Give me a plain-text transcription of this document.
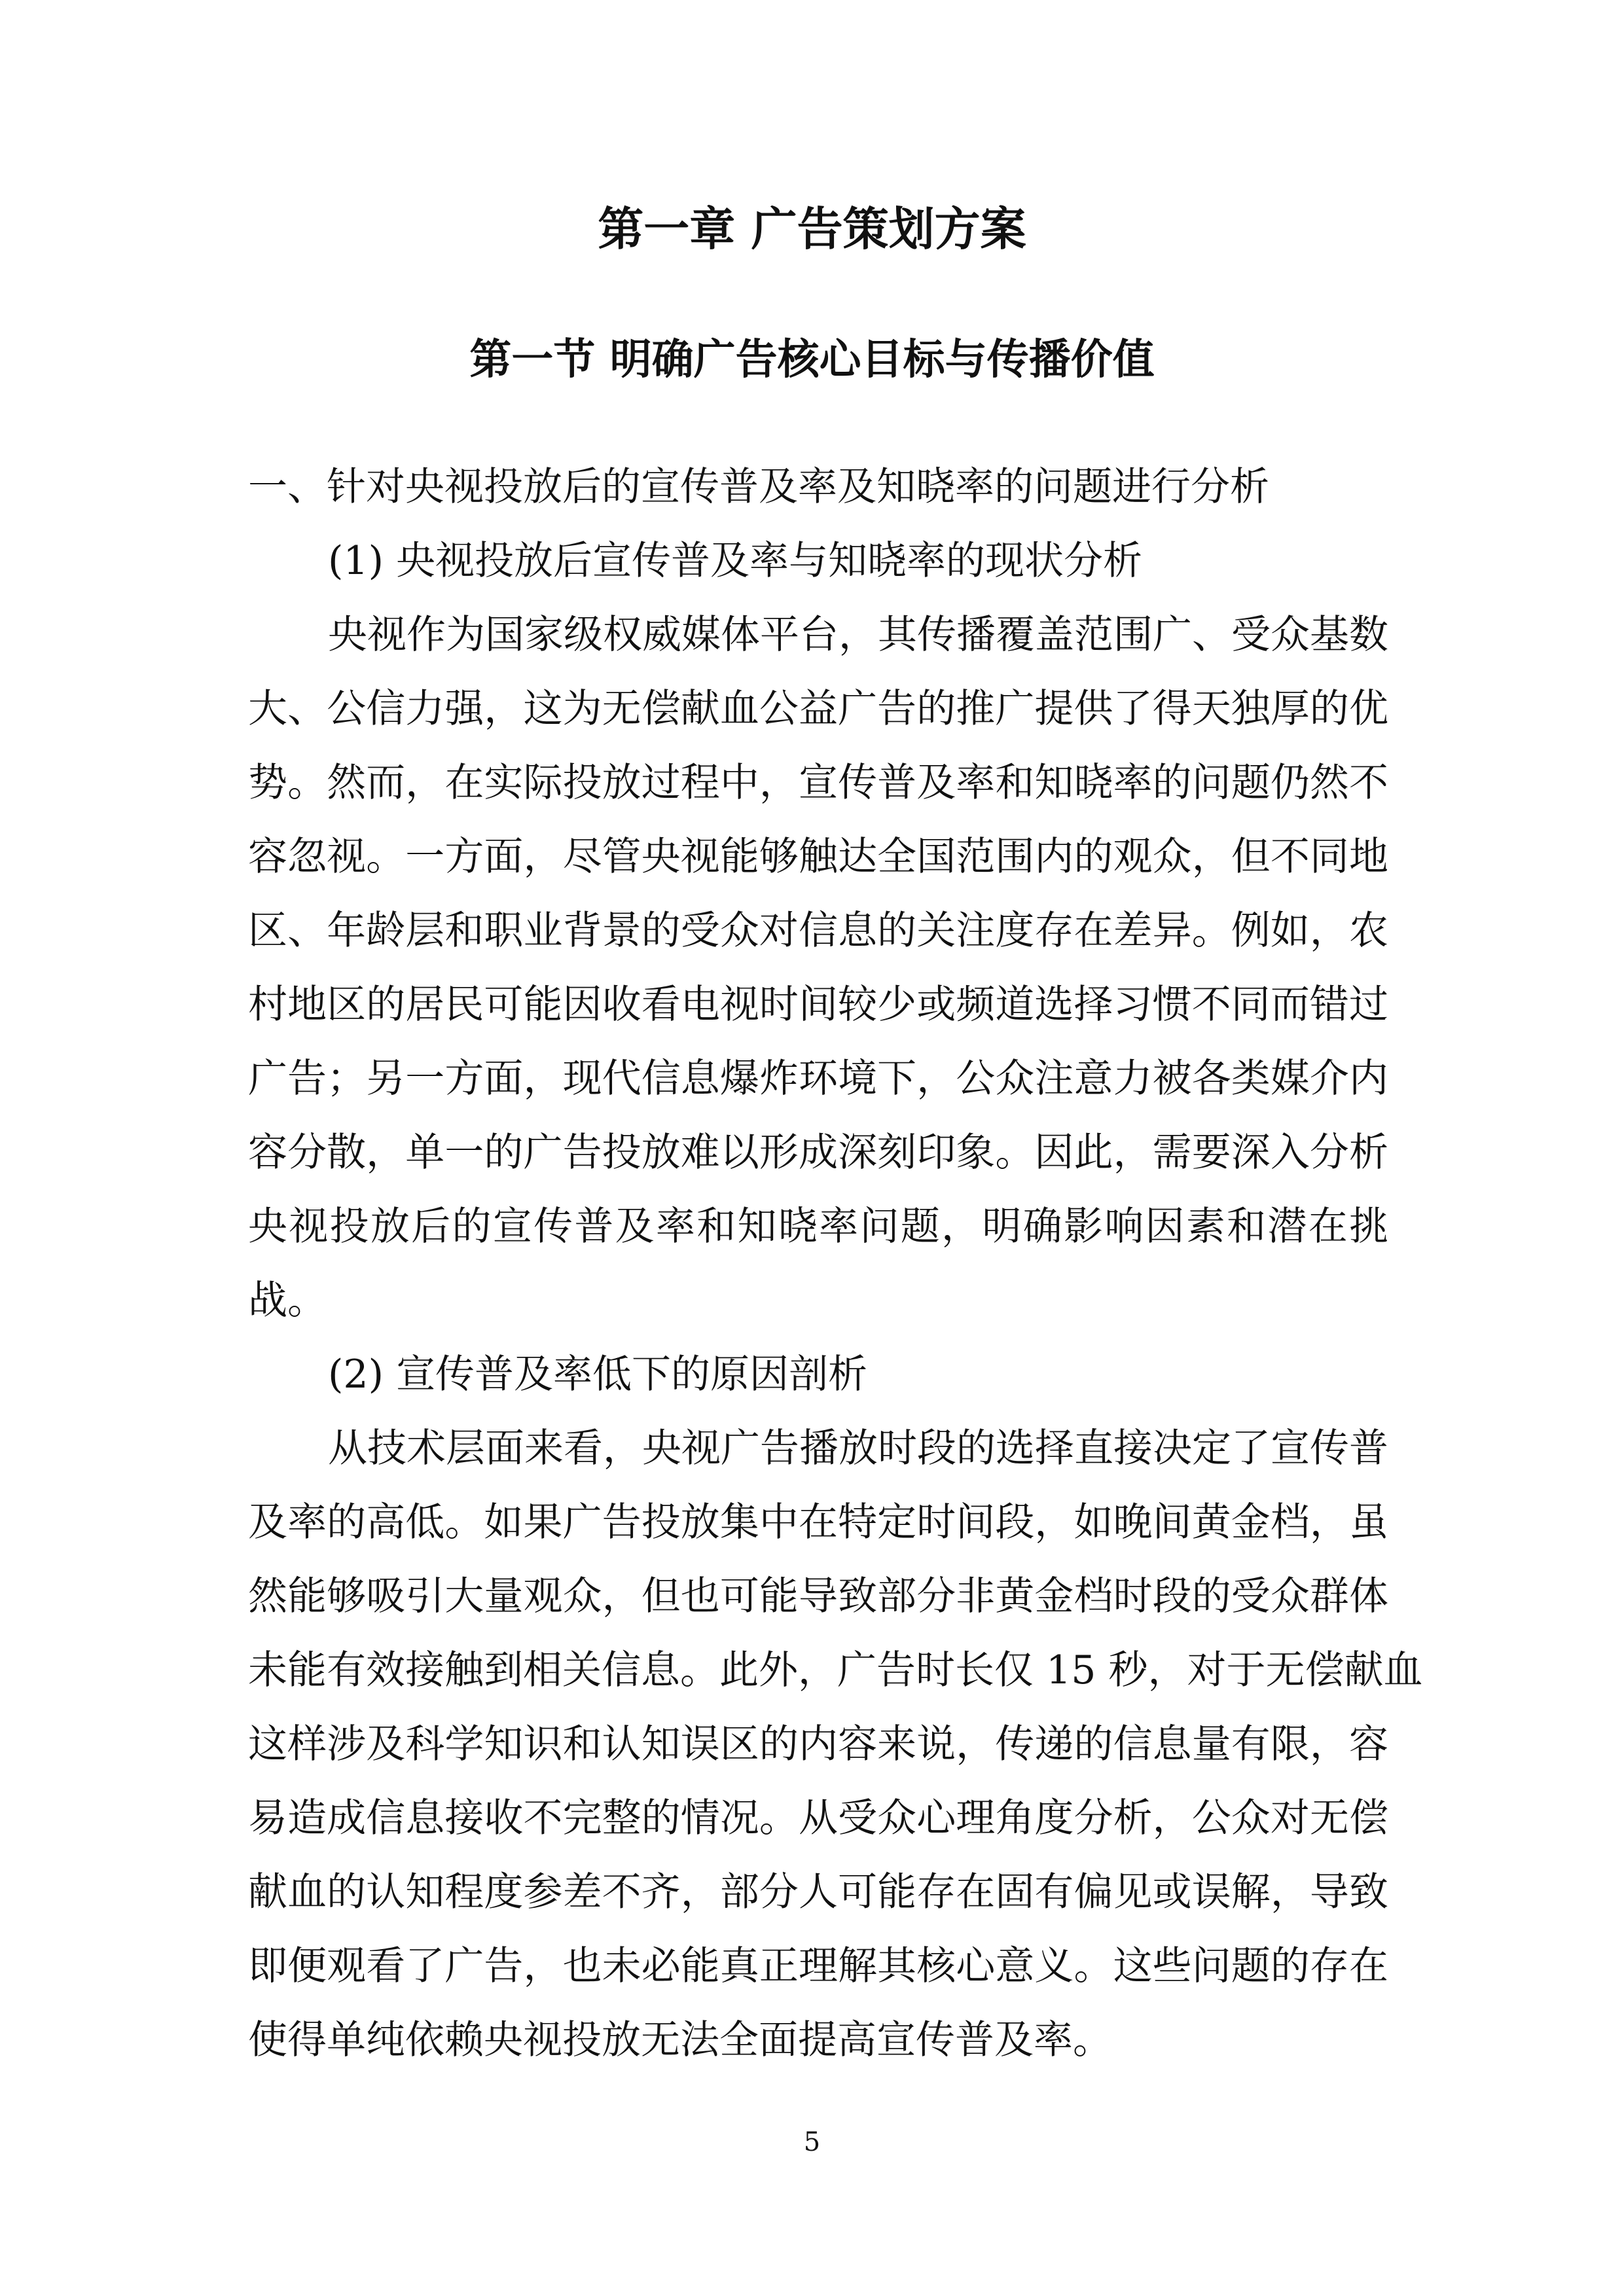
第一章 广告策划方案
第一节 明确广告核心目标与传播价值
一、针对央视投放后的宣传普及率及知晓率的问题进行分析
(1) 央视投放后宣传普及率与知晓率的现状分析
央视作为国家级权威媒体平台，其传播覆盖范围广、受众基数
大、公信力强，这为无偿献血公益广告的推广提供了得天独厚的优
势。然而，在实际投放过程中，宣传普及率和知晓率的问题仍然不
容忽视。一方面，尽管央视能够触达全国范围内的观众，但不同地
区、年龄层和职业背景的受众对信息的关注度存在差异。例如，农
村地区的居民可能因收看电视时间较少或频道选择习惯不同而错过
广告；另一方面，现代信息爆炸环境下，公众注意力被各类媒介内
容分散，单一的广告投放难以形成深刻印象。因此，需要深入分析
央视投放后的宣传普及率和知晓率问题，明确影响因素和潜在挑
战。
(2) 宣传普及率低下的原因剖析
从技术层面来看，央视广告播放时段的选择直接决定了宣传普
及率的高低。如果广告投放集中在特定时间段，如晚间黄金档，虽
然能够吸引大量观众，但也可能导致部分非黄金档时段的受众群体
未能有效接触到相关信息。此外，广告时长仅 15 秒，对于无偿献血
这样涉及科学知识和认知误区的内容来说，传递的信息量有限，容
易造成信息接收不完整的情况。从受众心理角度分析，公众对无偿
献血的认知程度参差不齐，部分人可能存在固有偏见或误解，导致
即便观看了广告，也未必能真正理解其核心意义。这些问题的存在
使得单纯依赖央视投放无法全面提高宣传普及率。
5
